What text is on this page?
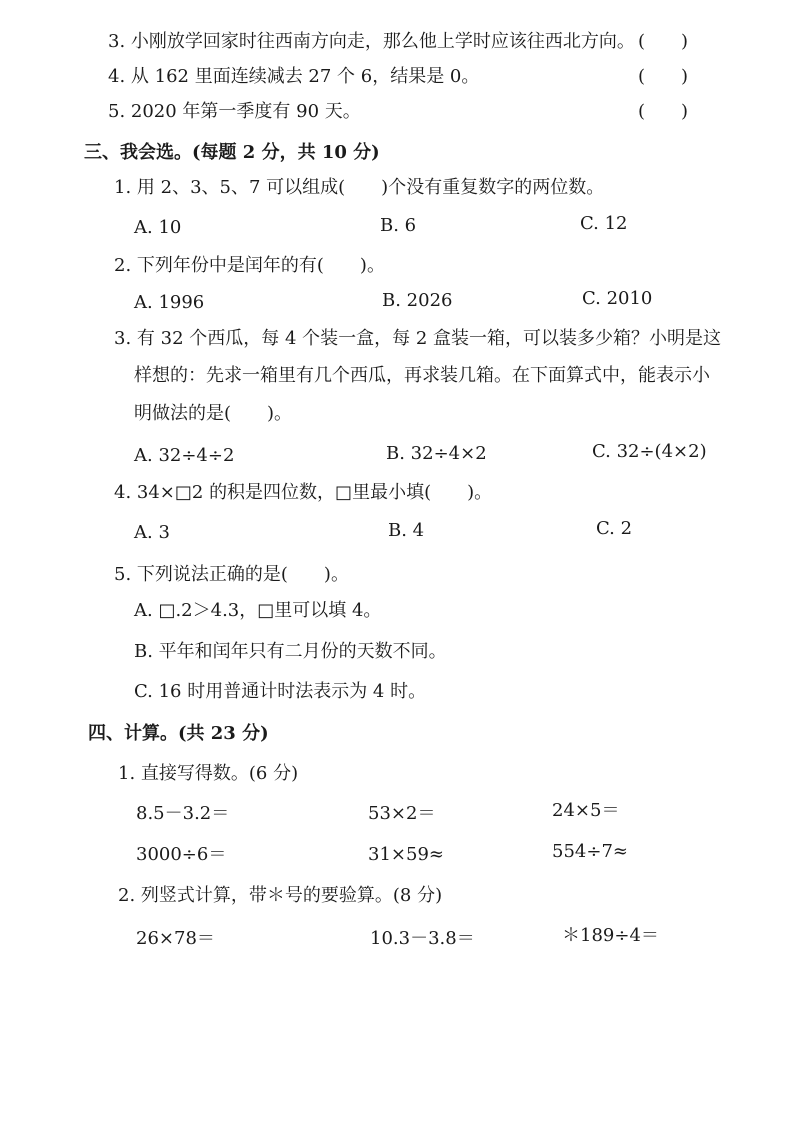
3. 小刚放学回家时往西南方向走，那么他上学时应该往西北方向。 (　　)
4. 从 162 里面连续减去 27 个 6，结果是 0。	(　　)
5. 2020 年第一季度有 90 天。	(　　)
三、我会选。(每题 2 分，共 10 分)
1. 用 2、3、5、7 可以组成(　　)个没有重复数字的两位数。
A. 10	B. 6	C. 12
2. 下列年份中是闰年的有(　　)。
A. 1996	B. 2026	C. 2010
3. 有 32 个西瓜，每 4 个装一盒，每 2 盒装一箱，可以装多少箱？小明是这
样想的：先求一箱里有几个西瓜，再求装几箱。在下面算式中，能表示小
明做法的是(　　)。
A. 32÷4÷2	B. 32÷4×2	C. 32÷(4×2)
4. 34×□2 的积是四位数，□里最小填(　　)。
A. 3	B. 4	C. 2
5. 下列说法正确的是(　　)。
A. □.2＞4.3，□里可以填 4。
B. 平年和闰年只有二月份的天数不同。
C. 16 时用普通计时法表示为 4 时。
四、计算。(共 23 分)
1. 直接写得数。(6 分)
8.5－3.2＝	53×2＝	24×5＝
3000÷6＝	31×59≈	554÷7≈
2. 列竖式计算，带＊号的要验算。(8 分)
26×78＝	10.3－3.8＝	＊189÷4＝
